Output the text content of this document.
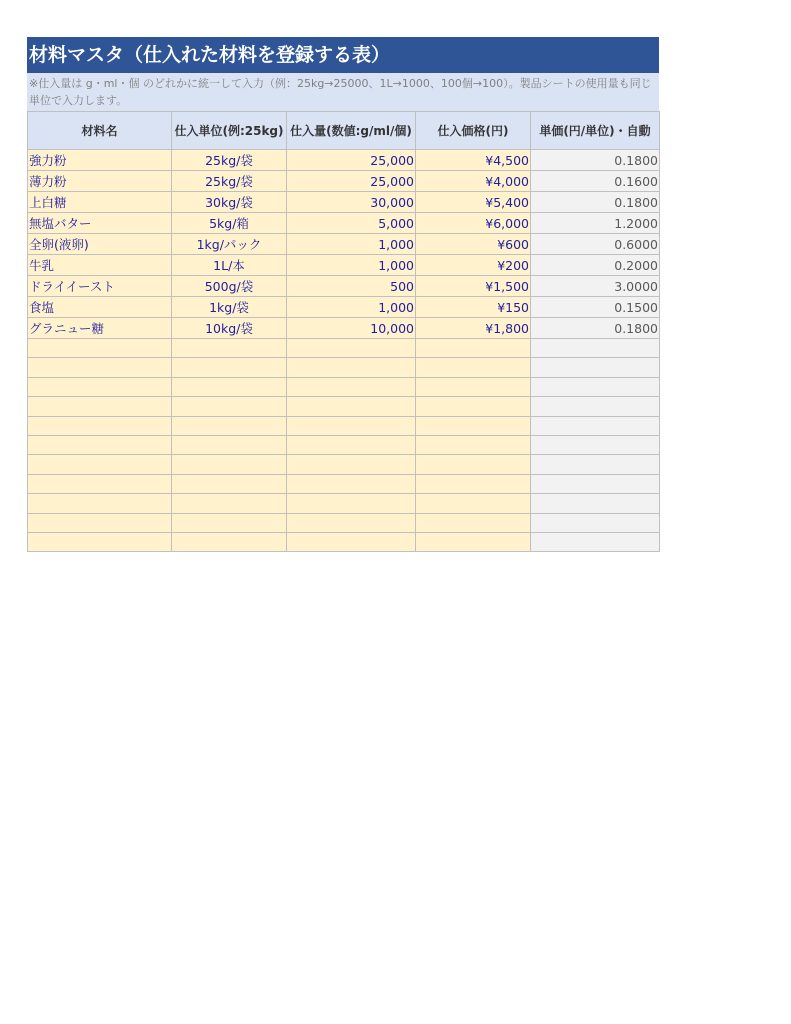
材料マスタ（仕入れた材料を登録する表）
※仕入量は g・ml・個 のどれかに統一して入力（例：25kg→25000、1L→1000、100個→100）。製品シートの使用量も同じ単位で入力します。
材料名	仕入単位(例:25kg)	仕入量(数値:g/ml/個)	仕入価格(円)	単価(円/単位)・自動
強力粉	25kg/袋	25,000	¥4,500	0.1800
薄力粉	25kg/袋	25,000	¥4,000	0.1600
上白糖	30kg/袋	30,000	¥5,400	0.1800
無塩バター	5kg/箱	5,000	¥6,000	1.2000
全卵(液卵)	1kg/パック	1,000	¥600	0.6000
牛乳	1L/本	1,000	¥200	0.2000
ドライイースト	500g/袋	500	¥1,500	3.0000
食塩	1kg/袋	1,000	¥150	0.1500
グラニュー糖	10kg/袋	10,000	¥1,800	0.1800
